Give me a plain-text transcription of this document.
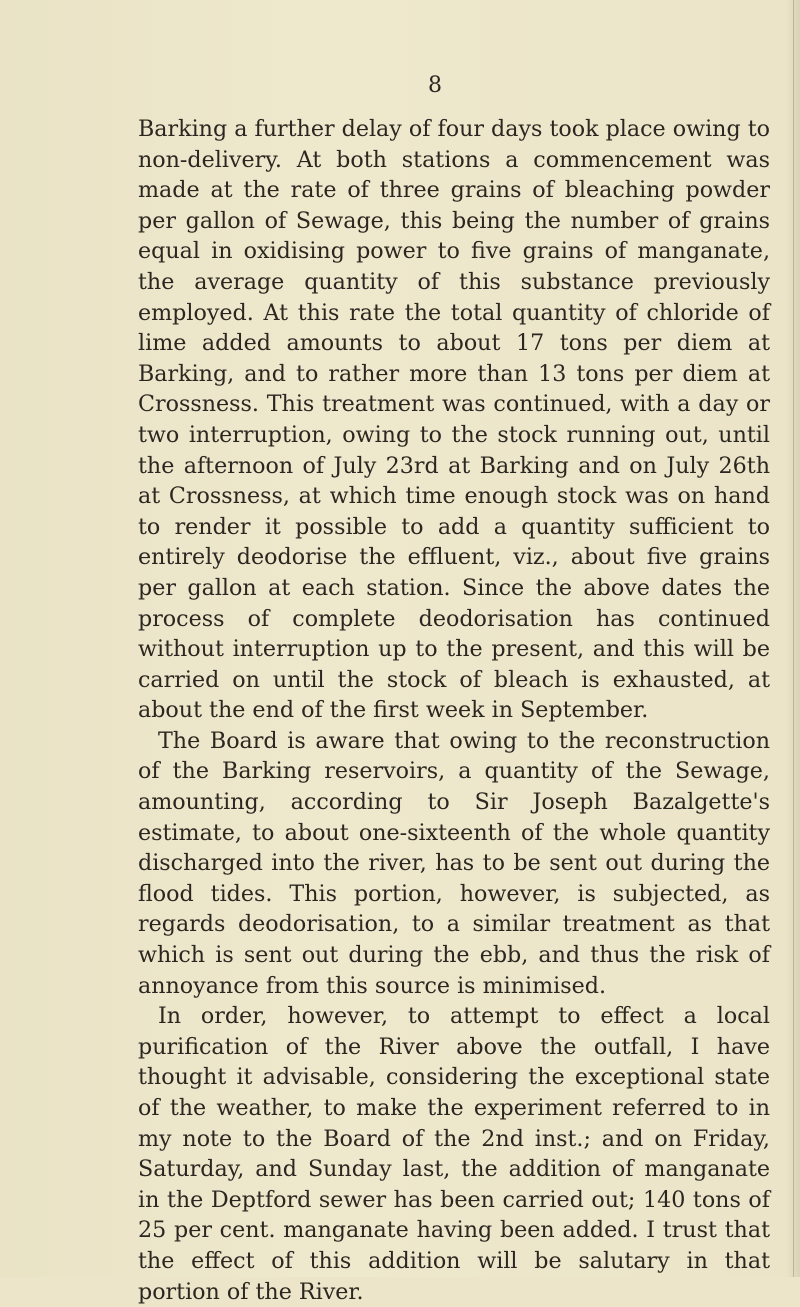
8

Barking a further delay of four days took place owing to non-delivery. At both stations a commencement was made at the rate of three grains of bleaching powder per gallon of Sewage, this being the number of grains equal in oxidising power to five grains of manganate, the average quantity of this substance previously employed. At this rate the total quantity of chloride of lime added amounts to about 17 tons per diem at Barking, and to rather more than 13 tons per diem at Crossness. This treatment was continued, with a day or two interruption, owing to the stock running out, until the afternoon of July 23rd at Barking and on July 26th at Crossness, at which time enough stock was on hand to render it possible to add a quantity sufficient to entirely deodorise the effluent, viz., about five grains per gallon at each station. Since the above dates the process of complete deodorisation has continued without interruption up to the present, and this will be carried on until the stock of bleach is exhausted, at about the end of the first week in September.

The Board is aware that owing to the reconstruction of the Barking reservoirs, a quantity of the Sewage, amounting, according to Sir Joseph Bazalgette's estimate, to about one-sixteenth of the whole quantity discharged into the river, has to be sent out during the flood tides. This portion, however, is subjected, as regards deodorisation, to a similar treatment as that which is sent out during the ebb, and thus the risk of annoyance from this source is minimised.

In order, however, to attempt to effect a local purification of the River above the outfall, I have thought it advisable, considering the exceptional state of the weather, to make the experiment referred to in my note to the Board of the 2nd inst.; and on Friday, Saturday, and Sunday last, the addition of manganate in the Deptford sewer has been carried out; 140 tons of 25 per cent. manganate having been added. I trust that the effect of this addition will be salutary in that portion of the River.
